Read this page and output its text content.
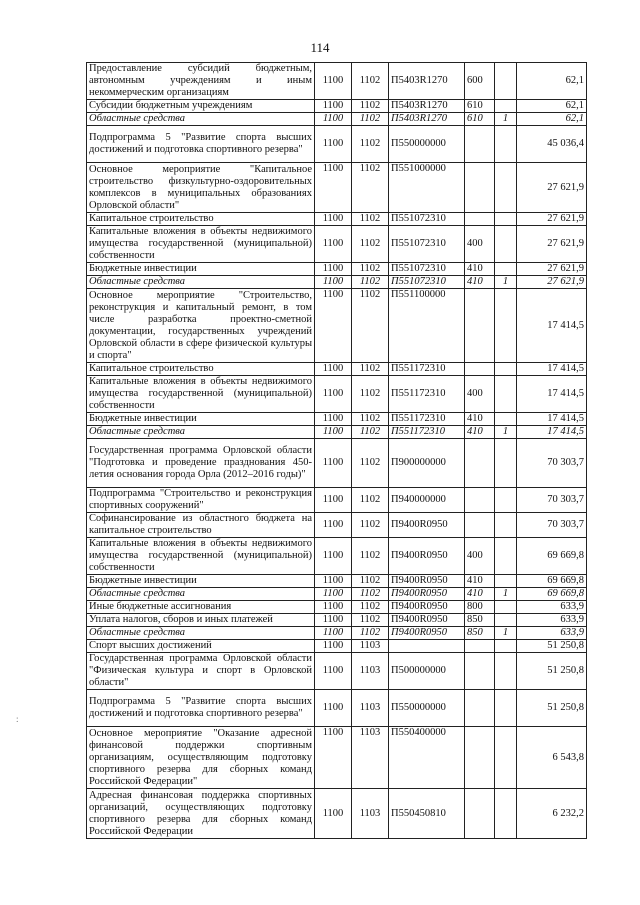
114
Предоставление субсидий бюджетным, автономным учреждениям и иным некоммерческим организациям	1100	1102	П5403R1270	600		62,1
Субсидии бюджетным учреждениям	1100	1102	П5403R1270	610		62,1
Областные средства	1100	1102	П5403R1270	610	1	62,1
Подпрограмма 5 "Развитие спорта высших достижений и подготовка спортивного резерва"	1100	1102	П550000000			45 036,4
Основное мероприятие "Капитальное строительство физкультурно-оздоровительных комплексов в муниципальных образованиях Орловской области"	1100	1102	П551000000			27 621,9
Капитальное строительство	1100	1102	П551072310			27 621,9
Капитальные вложения в объекты недвижимого имущества государственной (муниципальной) собственности	1100	1102	П551072310	400		27 621,9
Бюджетные инвестиции	1100	1102	П551072310	410		27 621,9
Областные средства	1100	1102	П551072310	410	1	27 621,9
Основное мероприятие "Строительство, реконструкция и капитальный ремонт, в том числе разработка проектно-сметной документации, государственных учреждений Орловской области в сфере физической культуры и спорта"	1100	1102	П551100000			17 414,5
Капитальное строительство	1100	1102	П551172310			17 414,5
Капитальные вложения в объекты недвижимого имущества государственной (муниципальной) собственности	1100	1102	П551172310	400		17 414,5
Бюджетные инвестиции	1100	1102	П551172310	410		17 414,5
Областные средства	1100	1102	П551172310	410	1	17 414,5
Государственная программа Орловской области "Подготовка и проведение празднования 450-летия основания города Орла (2012–2016 годы)"	1100	1102	П900000000			70 303,7
Подпрограмма "Строительство и реконструкция спортивных сооружений"	1100	1102	П940000000			70 303,7
Софинансирование из областного бюджета на капитальное строительство	1100	1102	П9400R0950			70 303,7
Капитальные вложения в объекты недвижимого имущества государственной (муниципальной) собственности	1100	1102	П9400R0950	400		69 669,8
Бюджетные инвестиции	1100	1102	П9400R0950	410		69 669,8
Областные средства	1100	1102	П9400R0950	410	1	69 669,8
Иные бюджетные ассигнования	1100	1102	П9400R0950	800		633,9
Уплата налогов, сборов и иных платежей	1100	1102	П9400R0950	850		633,9
Областные средства	1100	1102	П9400R0950	850	1	633,9
Спорт высших достижений	1100	1103				51 250,8
Государственная программа Орловской области "Физическая культура и спорт в Орловской области"	1100	1103	П500000000			51 250,8
Подпрограмма 5 "Развитие спорта высших достижений и подготовка спортивного резерва"	1100	1103	П550000000			51 250,8
Основное мероприятие "Оказание адресной финансовой поддержки спортивным организациям, осуществляющим подготовку спортивного резерва для сборных команд Российской Федерации"	1100	1103	П550400000			6 543,8
Адресная финансовая поддержка спортивных организаций, осуществляющих подготовку спортивного резерва для сборных команд Российской Федерации	1100	1103	П550450810			6 232,2
:
